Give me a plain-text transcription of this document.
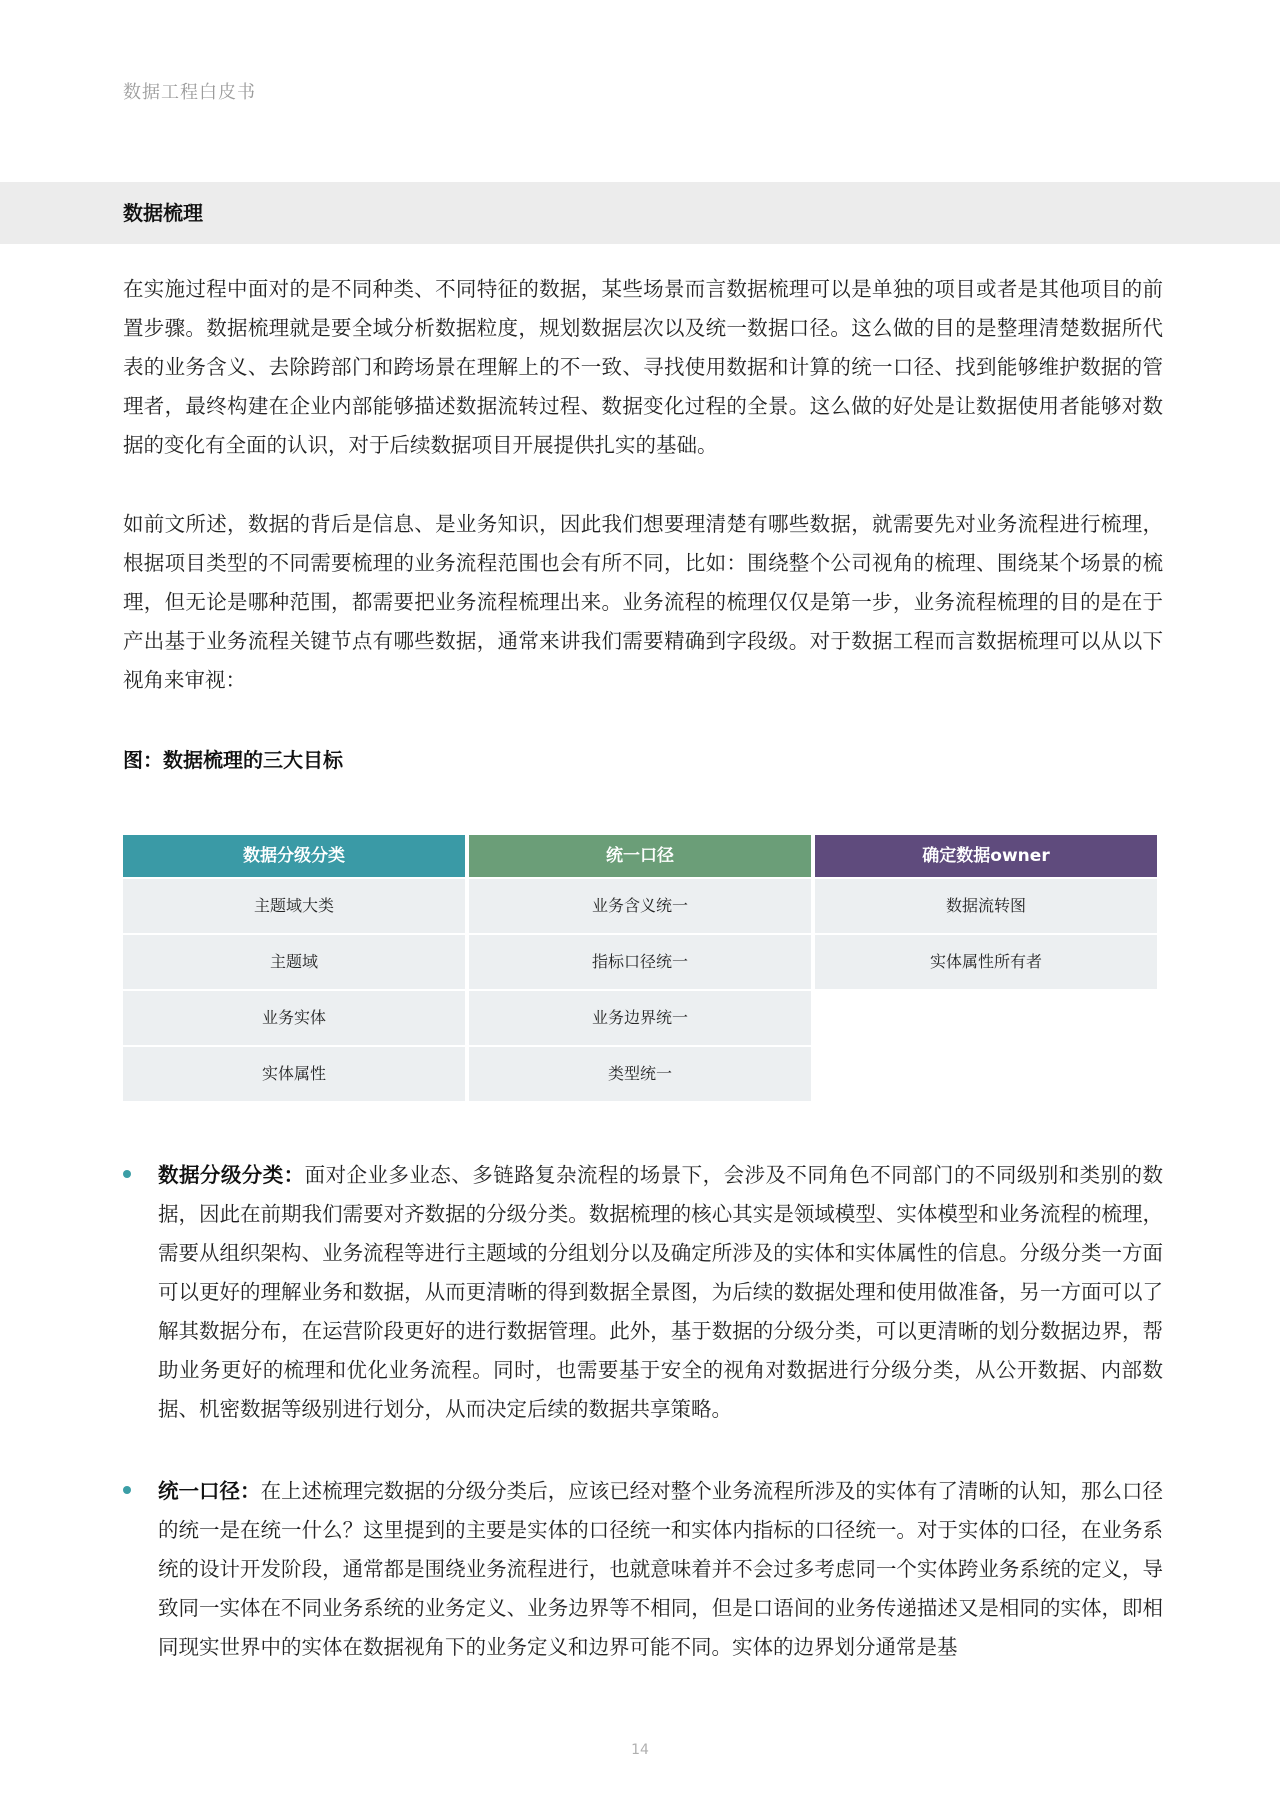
数据工程白皮书
数据梳理
在实施过程中面对的是不同种类、不同特征的数据，某些场景而言数据梳理可以是单独的项目或者是其他项目的前置步骤。数据梳理就是要全域分析数据粒度，规划数据层次以及统一数据口径。这么做的目的是整理清楚数据所代表的业务含义、去除跨部门和跨场景在理解上的不一致、寻找使用数据和计算的统一口径、找到能够维护数据的管理者，最终构建在企业内部能够描述数据流转过程、数据变化过程的全景。这么做的好处是让数据使用者能够对数据的变化有全面的认识，对于后续数据项目开展提供扎实的基础。
如前文所述，数据的背后是信息、是业务知识，因此我们想要理清楚有哪些数据，就需要先对业务流程进行梳理，根据项目类型的不同需要梳理的业务流程范围也会有所不同，比如：围绕整个公司视角的梳理、围绕某个场景的梳理，但无论是哪种范围，都需要把业务流程梳理出来。业务流程的梳理仅仅是第一步，业务流程梳理的目的是在于产出基于业务流程关键节点有哪些数据，通常来讲我们需要精确到字段级。对于数据工程而言数据梳理可以从以下视角来审视：
图：数据梳理的三大目标
数据分级分类
主题域大类
主题域
业务实体
实体属性
统一口径
业务含义统一
指标口径统一
业务边界统一
类型统一
确定数据owner
数据流转图
实体属性所有者
数据分级分类：面对企业多业态、多链路复杂流程的场景下，会涉及不同角色不同部门的不同级别和类别的数据，因此在前期我们需要对齐数据的分级分类。数据梳理的核心其实是领域模型、实体模型和业务流程的梳理，需要从组织架构、业务流程等进行主题域的分组划分以及确定所涉及的实体和实体属性的信息。分级分类一方面可以更好的理解业务和数据，从而更清晰的得到数据全景图，为后续的数据处理和使用做准备，另一方面可以了解其数据分布，在运营阶段更好的进行数据管理。此外，基于数据的分级分类，可以更清晰的划分数据边界，帮助业务更好的梳理和优化业务流程。同时，也需要基于安全的视角对数据进行分级分类，从公开数据、内部数据、机密数据等级别进行划分，从而决定后续的数据共享策略。
统一口径：在上述梳理完数据的分级分类后，应该已经对整个业务流程所涉及的实体有了清晰的认知，那么口径的统一是在统一什么？这里提到的主要是实体的口径统一和实体内指标的口径统一。对于实体的口径，在业务系统的设计开发阶段，通常都是围绕业务流程进行，也就意味着并不会过多考虑同一个实体跨业务系统的定义，导致同一实体在不同业务系统的业务定义、业务边界等不相同，但是口语间的业务传递描述又是相同的实体，即相同现实世界中的实体在数据视角下的业务定义和边界可能不同。实体的边界划分通常是基
14
